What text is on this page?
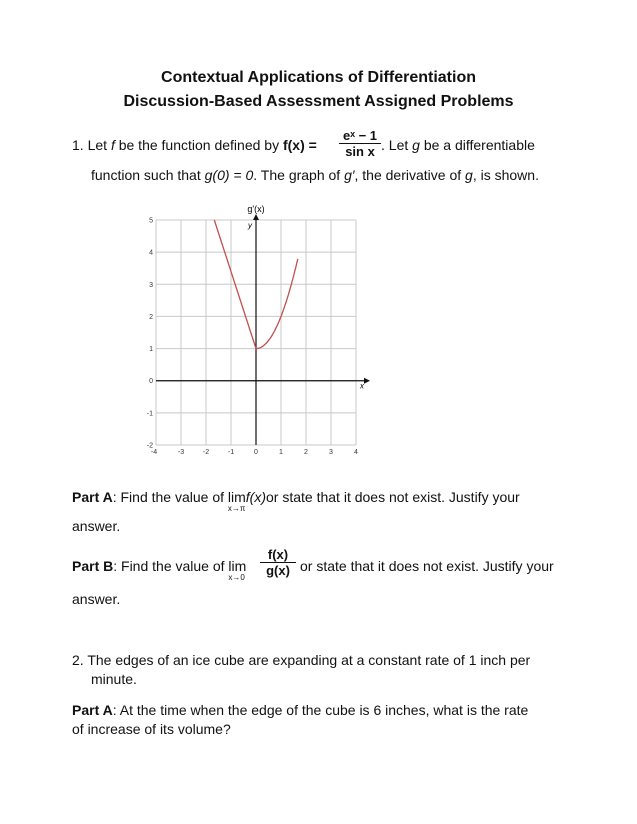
Contextual Applications of Differentiation
Discussion-Based Assessment Assigned Problems
1. Let f be the function defined by $f(x) = \frac{\text{eˣ − 1}}{\text{sin x}}$ . Let g be a differentiable
function such that g(0) = 0. The graph of g′, the derivative of g, is shown.
-4	-3	-2	-1	0	1	2	3	4
-2
-1
0
1
2
3
4
5
g'(x)
y
x
Part A: Find the value of lim
x→π
f(x)or state that it does not exist. Justify your
answer.
Part B: Find the value of lim
$x\to 0 \frac{f(x)}{g(x)}$ or state that it does not exist. Justify your
answer.
2. The edges of an ice cube are expanding at a constant rate of 1 inch per
minute.
Part A: At the time when the edge of the cube is 6 inches, what is the rate
of increase of its volume?
